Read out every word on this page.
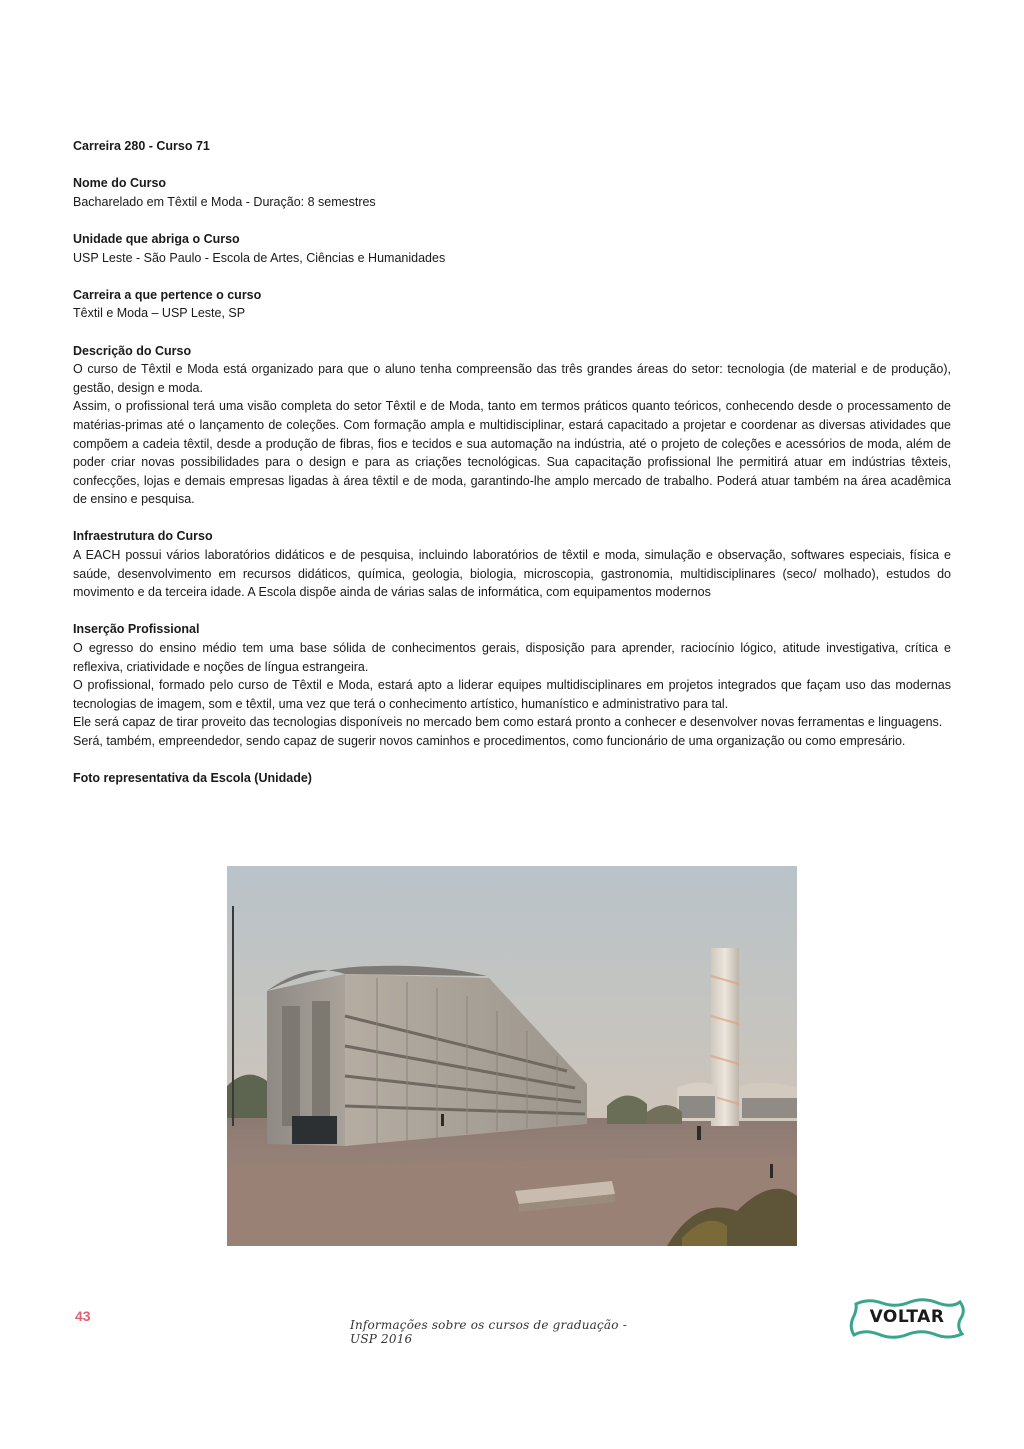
Carreira 280 - Curso 71

Nome do Curso

Bacharelado em Têxtil e Moda - Duração: 8 semestres

Unidade que abriga o Curso

USP Leste - São Paulo - Escola de Artes, Ciências e Humanidades

Carreira a que pertence o curso

Têxtil e Moda – USP Leste, SP

Descrição do Curso

O curso de Têxtil e Moda está organizado para que o aluno tenha compreensão das três grandes áreas do setor: tecnologia (de material e de produção), gestão, design e moda.

Assim, o profissional terá uma visão completa do setor Têxtil e de Moda, tanto em termos práticos quanto teóricos, conhecendo desde o processamento de matérias-primas até o lançamento de coleções. Com formação ampla e multidisciplinar, estará capacitado a projetar e coordenar as diversas atividades que compõem a cadeia têxtil, desde a produção de fibras, fios e tecidos e sua automação na indústria, até o projeto de coleções e acessórios de moda, além de poder criar novas possibilidades para o design e para as criações tecnológicas. Sua capacitação profissional lhe permitirá atuar em indústrias têxteis, confecções, lojas e demais empresas ligadas à área têxtil e de moda, garantindo-lhe amplo mercado de trabalho. Poderá atuar também na área acadêmica de ensino e pesquisa.

Infraestrutura do Curso

A EACH possui vários laboratórios didáticos e de pesquisa, incluindo laboratórios de têxtil e moda, simulação e observação, softwares especiais, física e saúde, desenvolvimento em recursos didáticos, química, geologia, biologia, microscopia, gastronomia, multidisciplinares (seco/ molhado), estudos do movimento e da terceira idade. A Escola dispõe ainda de várias salas de informática, com equipamentos modernos

Inserção Profissional

O egresso do ensino médio tem uma base sólida de conhecimentos gerais, disposição para aprender, raciocínio lógico, atitude investigativa, crítica e reflexiva, criatividade e noções de língua estrangeira.

O profissional, formado pelo curso de Têxtil e Moda, estará apto a liderar equipes multidisciplinares em projetos integrados que façam uso das modernas tecnologias de imagem, som e têxtil, uma vez que terá o conhecimento artístico, humanístico e administrativo para tal.

Ele será capaz de tirar proveito das tecnologias disponíveis no mercado bem como estará pronto a conhecer e desenvolver novas ferramentas e linguagens.

Será, também, empreendedor, sendo capaz de sugerir novos caminhos e procedimentos, como funcionário de uma organização ou como empresário.

Foto representativa da Escola (Unidade)

43
Informações sobre os cursos de graduação - USP 2016
VOLTAR
